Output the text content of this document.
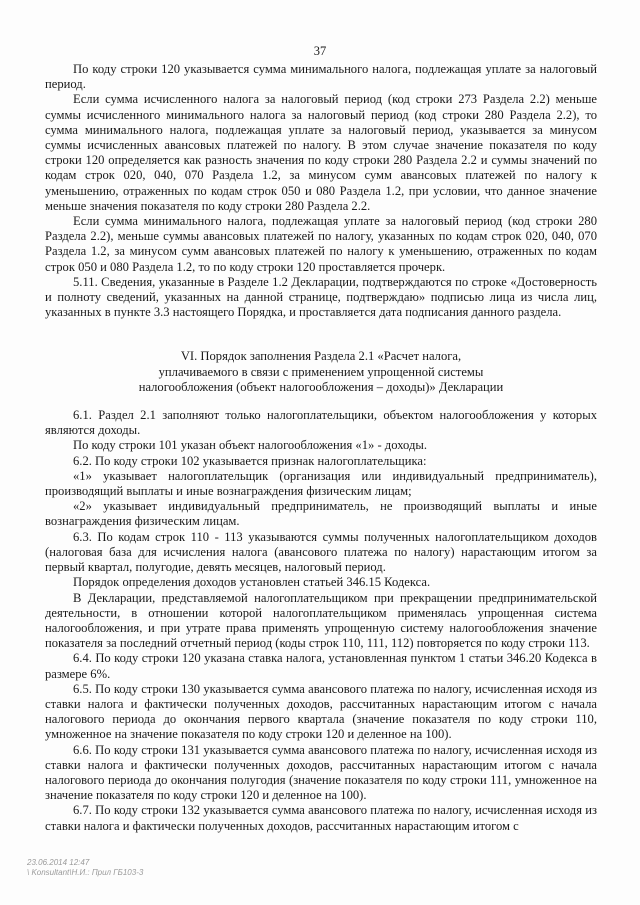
37

По коду строки 120 указывается сумма минимального налога, подлежащая уплате за налоговый период.

Если сумма исчисленного налога за налоговый период (код строки 273 Раздела 2.2) меньше суммы исчисленного минимального налога за налоговый период (код строки 280 Раздела 2.2), то сумма минимального налога, подлежащая уплате за налоговый период, указывается за минусом суммы исчисленных авансовых платежей по налогу. В этом случае значение показателя по коду строки 120 определяется как разность значения по коду строки 280 Раздела 2.2 и суммы значений по кодам строк 020, 040, 070 Раздела 1.2, за минусом сумм авансовых платежей по налогу к уменьшению, отраженных по кодам строк 050 и 080 Раздела 1.2, при условии, что данное значение меньше значения показателя по коду строки 280 Раздела 2.2.

Если сумма минимального налога, подлежащая уплате за налоговый период (код строки 280 Раздела 2.2), меньше суммы авансовых платежей по налогу, указанных по кодам строк 020, 040, 070 Раздела 1.2, за минусом сумм авансовых платежей по налогу к уменьшению, отраженных по кодам строк 050 и 080 Раздела 1.2, то по коду строки 120 проставляется прочерк.

5.11. Сведения, указанные в Разделе 1.2 Декларации, подтверждаются по строке «Достоверность и полноту сведений, указанных на данной странице, подтверждаю» подписью лица из числа лиц, указанных в пункте 3.3 настоящего Порядка, и проставляется дата подписания данного раздела.

VI. Порядок заполнения Раздела 2.1 «Расчет налога,
уплачиваемого в связи с применением упрощенной системы
налогообложения (объект налогообложения – доходы)» Декларации

6.1. Раздел 2.1 заполняют только налогоплательщики, объектом налогообложения у которых являются доходы.

По коду строки 101 указан объект налогообложения «1» - доходы.

6.2. По коду строки 102 указывается признак налогоплательщика:

«1» указывает налогоплательщик (организация или индивидуальный предприниматель), производящий выплаты и иные вознаграждения физическим лицам;

«2» указывает индивидуальный предприниматель, не производящий выплаты и иные вознаграждения физическим лицам.

6.3. По кодам строк 110 - 113 указываются суммы полученных налогоплательщиком доходов (налоговая база для исчисления налога (авансового платежа по налогу) нарастающим итогом за первый квартал, полугодие, девять месяцев, налоговый период.

Порядок определения доходов установлен статьей 346.15 Кодекса.

В Декларации, представляемой налогоплательщиком при прекращении предпринимательской деятельности, в отношении которой налогоплательщиком применялась упрощенная система налогообложения, и при утрате права применять упрощенную систему налогообложения значение показателя за последний отчетный период (коды строк 110, 111, 112) повторяется по коду строки 113.

6.4. По коду строки 120 указана ставка налога, установленная пунктом 1 статьи 346.20 Кодекса в размере 6%.

6.5. По коду строки 130 указывается сумма авансового платежа по налогу, исчисленная исходя из ставки налога и фактически полученных доходов, рассчитанных нарастающим итогом с начала налогового периода до окончания первого квартала (значение показателя по коду строки 110, умноженное на значение показателя по коду строки 120 и деленное на 100).

6.6. По коду строки 131 указывается сумма авансового платежа по налогу, исчисленная исходя из ставки налога и фактически полученных доходов, рассчитанных нарастающим итогом с начала налогового периода до окончания полугодия (значение показателя по коду строки 111, умноженное на значение показателя по коду строки 120 и деленное на 100).

6.7. По коду строки 132 указывается сумма авансового платежа по налогу, исчисленная исходя из ставки налога и фактически полученных доходов, рассчитанных нарастающим итогом с

23.06.2014 12:47
\ Konsultant\Н.И.: Прил ГБ103-3
